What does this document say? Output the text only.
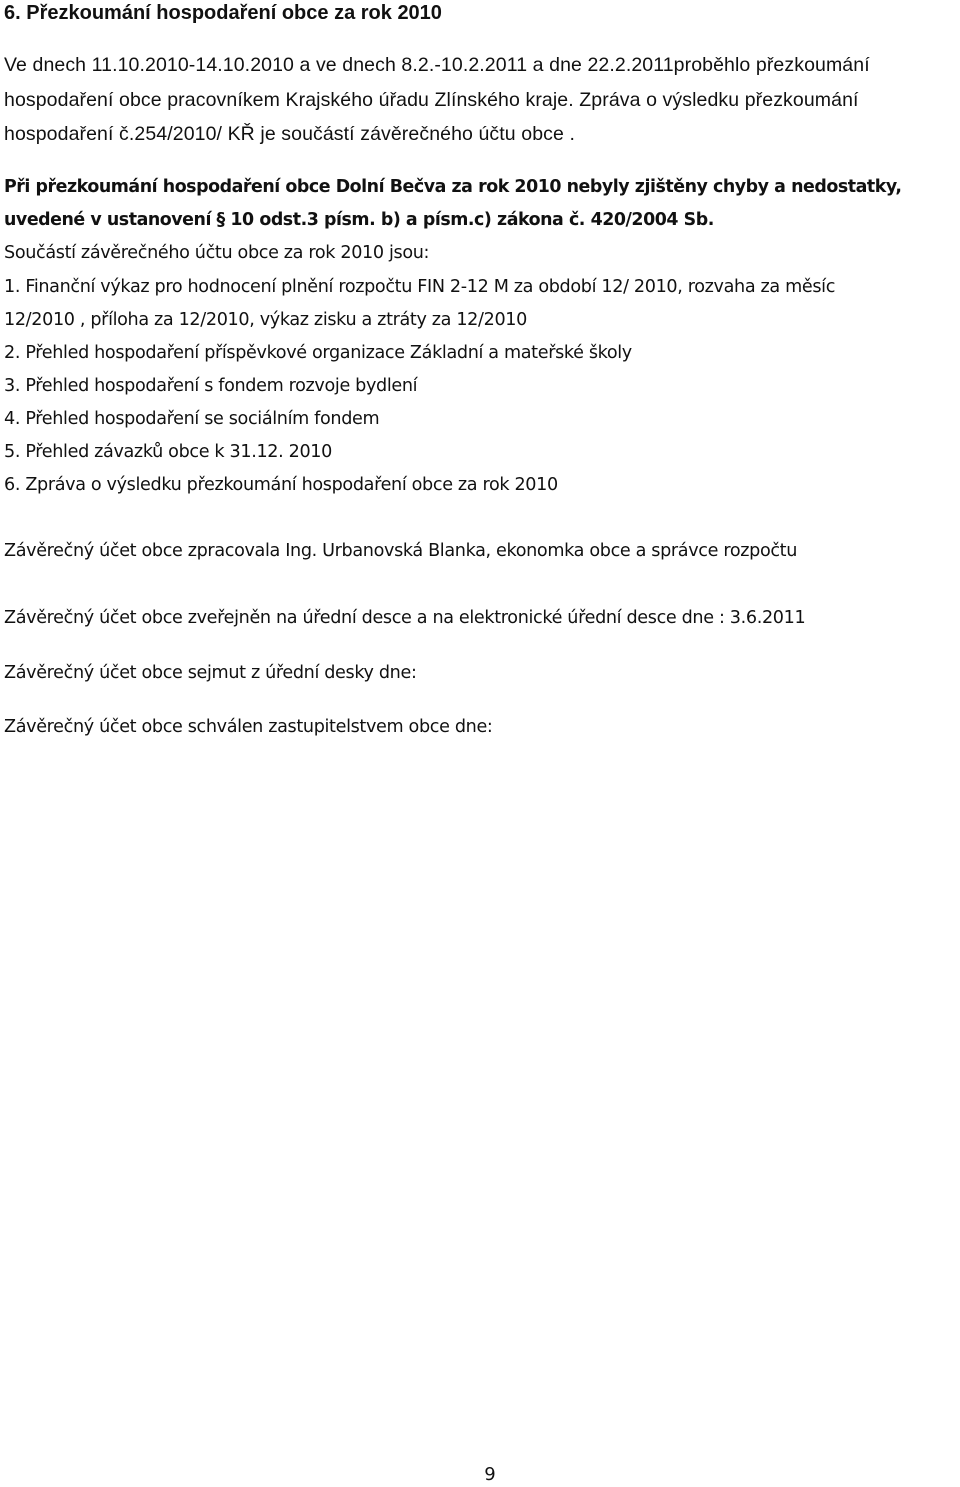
6. Přezkoumání hospodaření obce za rok 2010
Ve dnech 11.10.2010-14.10.2010 a ve dnech 8.2.-10.2.2011 a dne 22.2.2011proběhlo přezkoumání
hospodaření obce pracovníkem Krajského úřadu Zlínského kraje. Zpráva o výsledku přezkoumání
hospodaření č.254/2010/ KŘ je součástí závěrečného účtu obce .
Při přezkoumání hospodaření obce Dolní Bečva za rok 2010 nebyly zjištěny chyby a nedostatky,
uvedené v ustanovení § 10 odst.3 písm. b) a písm.c) zákona č. 420/2004 Sb.
Součástí závěrečného účtu obce za rok 2010 jsou:
1. Finanční výkaz pro hodnocení plnění rozpočtu FIN 2-12 M za období 12/ 2010, rozvaha za měsíc
12/2010 , příloha za 12/2010, výkaz zisku a ztráty za 12/2010
2. Přehled hospodaření příspěvkové organizace Základní a mateřské školy
3. Přehled hospodaření s fondem rozvoje bydlení
4. Přehled hospodaření se sociálním fondem
5. Přehled závazků obce k 31.12. 2010
6. Zpráva o výsledku přezkoumání hospodaření obce za rok 2010
Závěrečný účet obce zpracovala Ing. Urbanovská Blanka, ekonomka obce a správce rozpočtu
Závěrečný účet obce zveřejněn na úřední desce a na elektronické úřední desce dne : 3.6.2011
Závěrečný účet obce sejmut z úřední desky dne:
Závěrečný účet obce schválen zastupitelstvem obce dne:
9
